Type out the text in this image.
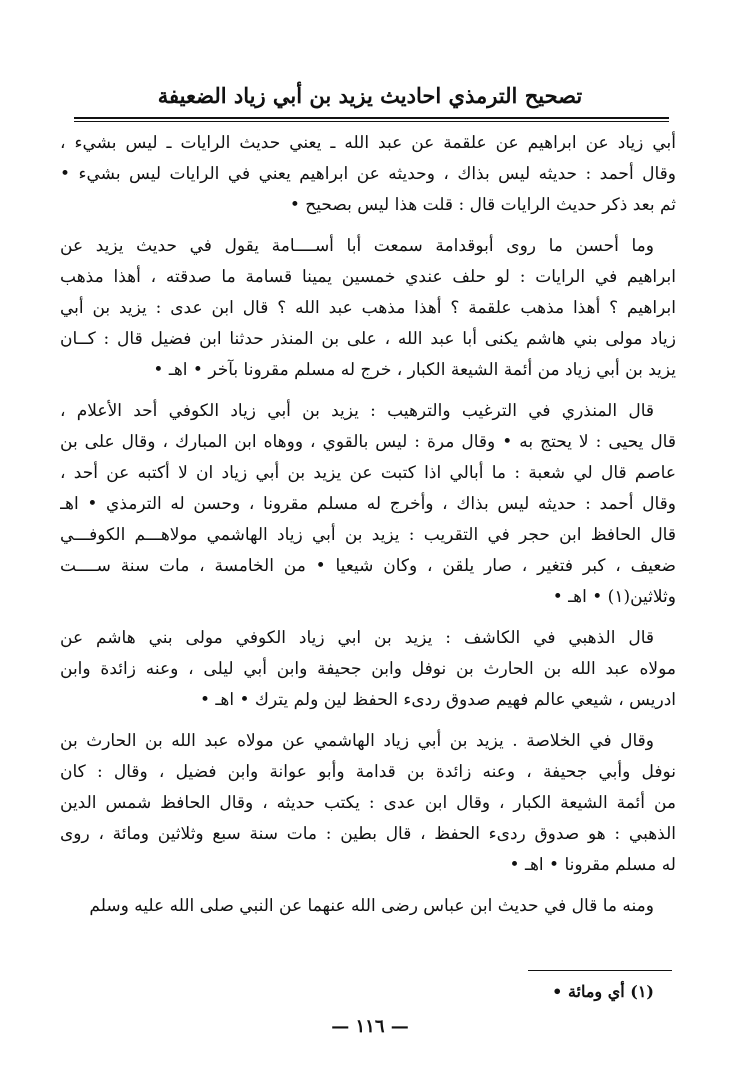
تصحيح الترمذي احاديث يزيد بن أبي زياد الضعيفة
أبي زياد عن ابراهيم عن علقمة عن عبد الله ـ يعني حديث الرايات ـ ليس بشيء ،
وقال أحمد : حديثه ليس بذاك ، وحديثه عن ابراهيم يعني في الرايات ليس بشيء •
ثم بعد ذكر حديث الرايات قال : قلت هذا ليس بصحيح •
وما أحسن ما روى أبوقدامة سمعت أبا أســــامة يقول في حديث يزيد عن
ابراهيم في الرايات : لو حلف عندي خمسين يمينا قسامة ما صدقته ، أهذا مذهب
ابراهيم ؟ أهذا مذهب علقمة ؟ أهذا مذهب عبد الله ؟ قال ابن عدى : يزيد بن أبي
زياد مولى بني هاشم يكنى أبا عبد الله ، على بن المنذر حدثنا ابن فضيل قال : كــان
يزيد بن أبي زياد من أئمة الشيعة الكبار ، خرج له مسلم مقرونا بآخر • اهـ •
قال المنذري في الترغيب والترهيب : يزيد بن أبي زياد الكوفي أحد الأعلام ،
قال يحيى : لا يحتج به • وقال مرة : ليس بالقوي ، ووهاه ابن المبارك ، وقال على بن
عاصم قال لي شعبة : ما أبالي اذا كتبت عن يزيد بن أبي زياد ان لا أكتبه عن أحد ،
وقال أحمد : حديثه ليس بذاك ، وأخرج له مسلم مقرونا ، وحسن له الترمذي • اهـ
قال الحافظ ابن حجر في التقريب : يزيد بن أبي زياد الهاشمي مولاهـــم الكوفـــي
ضعيف ، كبر فتغير ، صار يلقن ، وكان شيعيا • من الخامسة ، مات سنة ســــت
وثلاثين(١) • اهـ •
قال الذهبي في الكاشف : يزيد بن ابي زياد الكوفي مولى بني هاشم عن
مولاه عبد الله بن الحارث بن نوفل وابن جحيفة وابن أبي ليلى ، وعنه زائدة وابن
ادريس ، شيعي عالم فهيم صدوق ردىء الحفظ لين ولم يترك • اهـ •
وقال في الخلاصة . يزيد بن أبي زياد الهاشمي عن مولاه عبد الله بن الحارث بن
نوفل وأبي جحيفة ، وعنه زائدة بن قدامة وأبو عوانة وابن فضيل ، وقال : كان
من أئمة الشيعة الكبار ، وقال ابن عدى : يكتب حديثه ، وقال الحافظ شمس الدين
الذهبي : هو صدوق ردىء الحفظ ، قال بطين : مات سنة سبع وثلاثين ومائة ، روى
له مسلم مقرونا • اهـ •
ومنه ما قال في حديث ابن عباس رضى الله عنهما عن النبي صلى الله عليه وسلم
(١) أي ومائة •
— ١١٦ —
